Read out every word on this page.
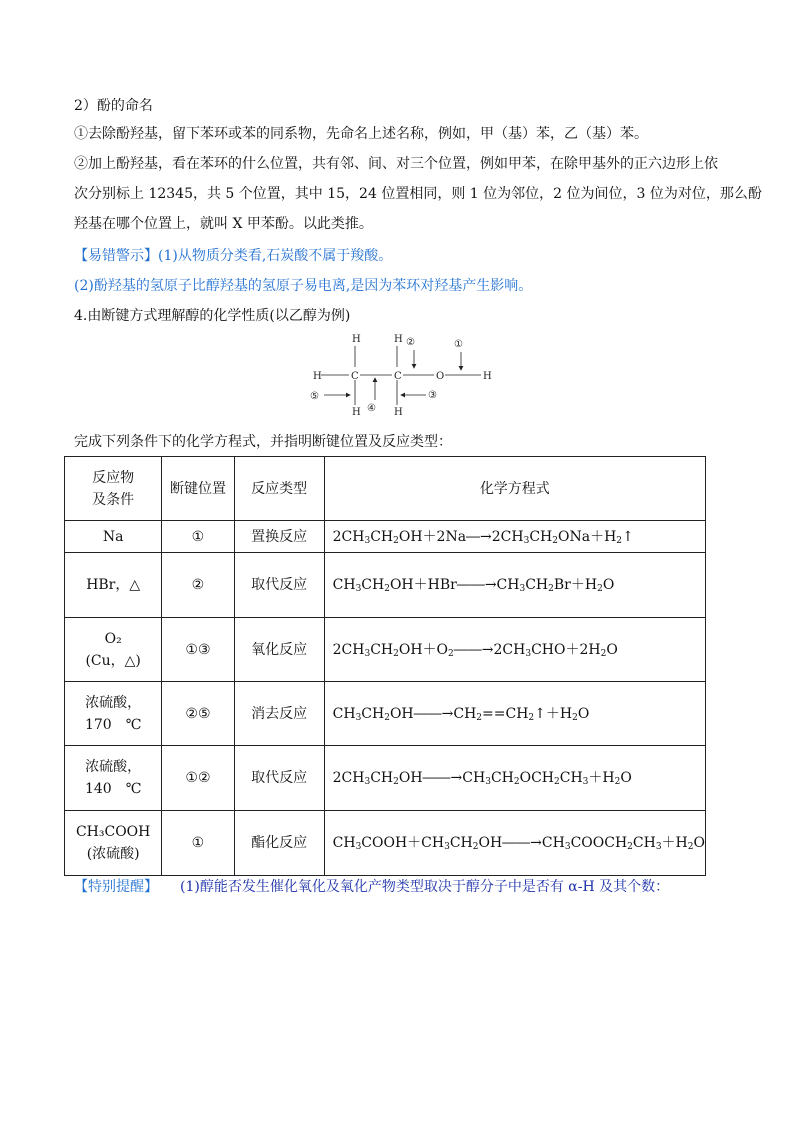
2）酚的命名
①去除酚羟基，留下苯环或苯的同系物，先命名上述名称，例如，甲（基）苯，乙（基）苯。
②加上酚羟基，看在苯环的什么位置，共有邻、间、对三个位置，例如甲苯，在除甲基外的正六边形上依
次分别标上 12345，共 5 个位置，其中 15，24 位置相同，则 1 位为邻位，2 位为间位，3 位为对位，那么酚
羟基在哪个位置上，就叫 X 甲苯酚。以此类推。
【易错警示】(1)从物质分类看,石炭酸不属于羧酸。
(2)酚羟基的氢原子比醇羟基的氢原子易电离,是因为苯环对羟基产生影响。
4.由断键方式理解醇的化学性质(以乙醇为例)
H	H
H	C	C	O	H
H	H
②	①
⑤
④
③
完成下列条件下的化学方程式，并指明断键位置及反应类型：
反应物
及条件	断键位置	反应类型	化学方程式

Na	①	置换反应	$2CH_3CH_2OH+2Na―\to 2CH_3CH_2ONa+H_2↑$

HBr，△	②	取代反应	$CH_3CH_2OH+HBr――\to CH_3CH_2Br+H_2O$

O₂
(Cu，△)	①③	氧化反应	$2CH_3CH_2OH+O_2――\to 2CH_3CHO+2H_2O$

浓硫酸，
170　℃	②⑤	消去反应	$CH_3CH_2OH――\to CH_2==CH_2↑+H_2O$

浓硫酸，
140　℃	①②	取代反应	$2CH_3CH_2OH――\to CH_3CH_2OCH_2CH_3+H_2O$

CH₃COOH
(浓硫酸)	①	酯化反应	$CH_3COOH+CH_3CH_2OH――\to CH_3COOCH_2CH_3+H_2O$
【特别提醒】 (1)醇能否发生催化氧化及氧化产物类型取决于醇分子中是否有 α-H 及其个数：
